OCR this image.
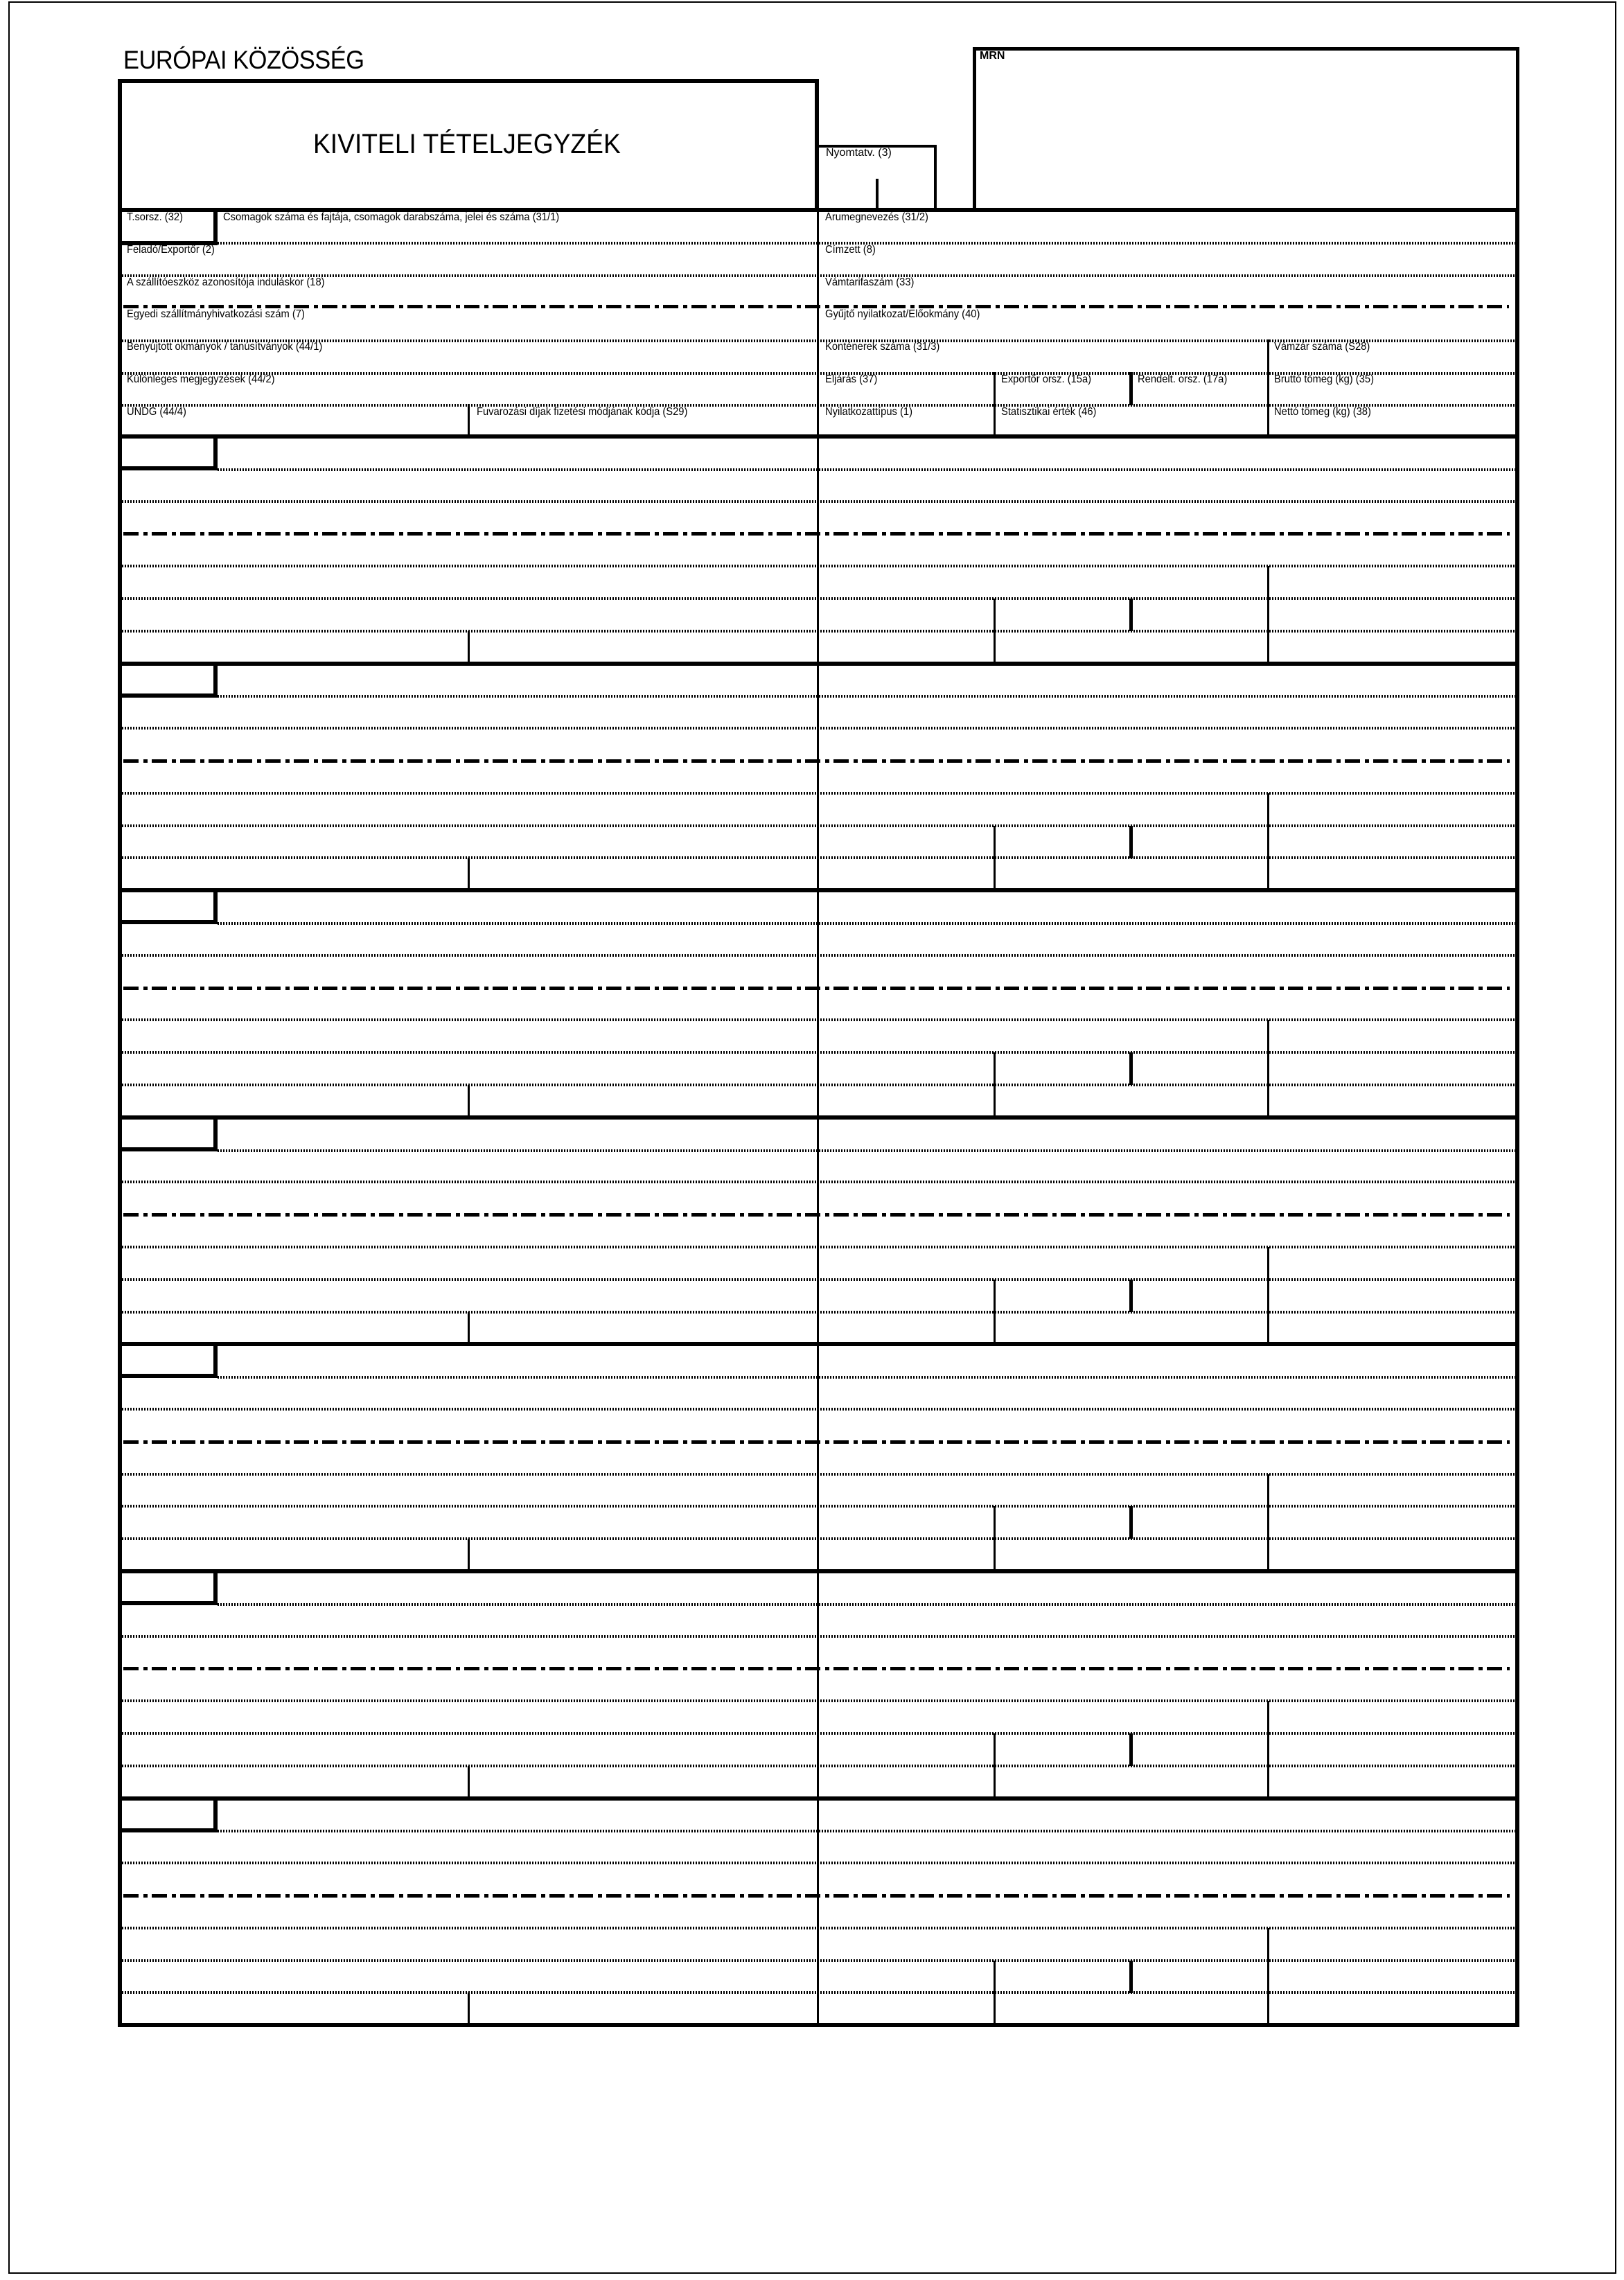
EURÓPAI KÖZÖSSÉG
KIVITELI TÉTELJEGYZÉK	Nyomtatv. (3)
MRN
T.sorsz. (32)	Csomagok száma és fajtája, csomagok darabszáma, jelei és száma (31/1)	Árumegnevezés (31/2)
Feladó/Exportőr (2)	Címzett (8)
A szállítóeszköz azonosítója induláskor (18)	Vámtarifaszám (33)
Egyedi szállítmányhivatkozási szám (7)	Gyűjtő nyilatkozat/Előokmány (40)
Benyújtott okmányok / tanúsítványok (44/1)	Konténerek száma (31/3)	Vámzár száma (S28)
Különleges megjegyzések (44/2)	Eljárás (37)	Exportőr orsz. (15a)	Rendelt. orsz. (17a)	Bruttó tömeg (kg) (35)
UNDG (44/4)	Fuvarozási díjak fizetési módjának kódja (S29)	Nyilatkozattípus (1)	Statisztikai érték (46)	Nettó tömeg (kg) (38)
